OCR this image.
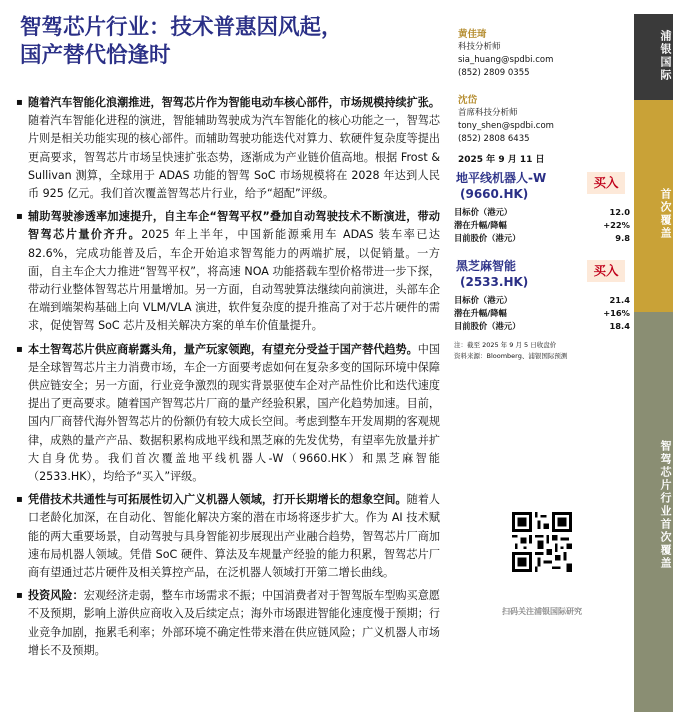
智驾芯片行业：技术普惠因风起，
国产替代恰逢时
▪ 随着汽车智能化浪潮推进，智驾芯片作为智能电动车核心部件，市场规模持续扩张。随着汽车智能化进程的演进，智能辅助驾驶成为汽车智能化的核心功能之一，智驾芯片则是相关功能实现的核心部件。而辅助驾驶功能迭代对算力、软硬件复杂度等提出更高要求，智驾芯片市场呈快速扩张态势，逐渐成为产业链价值高地。根据 Frost & Sullivan 测算，全球用于 ADAS 功能的智驾 SoC 市场规模将在 2028 年达到人民币 925 亿元。我们首次覆盖智驾芯片行业，给予“超配”评级。
▪ 辅助驾驶渗透率加速提升，自主车企“智驾平权”叠加自动驾驶技术不断演进，带动智驾芯片量价齐升。2025 年上半年，中国新能源乘用车 ADAS 装车率已达 82.6%，完成功能普及后，车企开始追求智驾能力的两端扩展，以促销量。一方面，自主车企大力推进“智驾平权”，将高速 NOA 功能搭载车型价格带进一步下探，带动行业整体智驾芯片用量增加。另一方面，自动驾驶算法继续向前演进，头部车企在端到端架构基础上向 VLM/VLA 演进，软件复杂度的提升推高了对于芯片硬件的需求，促使智驾 SoC 芯片及相关解决方案的单车价值量提升。
▪ 本土智驾芯片供应商崭露头角，量产玩家领跑，有望充分受益于国产替代趋势。中国是全球智驾芯片主力消费市场，车企一方面要考虑如何在复杂多变的国际环境中保障供应链安全；另一方面，行业竞争激烈的现实背景驱使车企对产品性价比和迭代速度提出了更高要求。随着国产智驾芯片厂商的量产经验积累，国产化趋势加速。目前，国内厂商替代海外智驾芯片的份额仍有较大成长空间。考虑到整车开发周期的客观规律，成熟的量产产品、数据积累构成地平线和黑芝麻的先发优势，有望率先放量并扩大自身优势。我们首次覆盖地平线机器人-W（9660.HK）和黑芝麻智能（2533.HK），均给予“买入”评级。
▪ 凭借技术共通性与可拓展性切入广义机器人领域，打开长期增长的想象空间。随着人口老龄化加深，在自动化、智能化解决方案的潜在市场将逐步扩大。作为 AI 技术赋能的两大重要场景，自动驾驶与具身智能初步展现出产业融合趋势，智驾芯片厂商加速布局机器人领域。凭借 SoC 硬件、算法及车规量产经验的能力积累，智驾芯片厂商有望通过芯片硬件及相关算控产品，在泛机器人领域打开第二增长曲线。
▪ 投资风险：宏观经济走弱，整车市场需求不振；中国消费者对于智驾版车型购买意愿不及预期，影响上游供应商收入及后续定点；海外市场跟进智能化速度慢于预期；行业竞争加剧，拖累毛利率；外部环境不确定性带来潜在供应链风险；广义机器人市场增长不及预期。
黄佳琦
科技分析师
sia_huang@spdbi.com
(852) 2809 0355
沈岱
首席科技分析师
tony_shen@spdbi.com
(852) 2808 6435
2025 年 9 月 11 日
地平线机器人-W
(9660.HK)
买入
目标价（港元）	12.0
潜在升幅/降幅	+22%
目前股价（港元）	9.8
黑芝麻智能
(2533.HK)
买入
目标价（港元）	21.4
潜在升幅/降幅	+16%
目前股价（港元）	18.4
注：截至 2025 年 9 月 5 日收盘价
资料来源：Bloomberg、浦银国际预测
扫码关注浦银国际研究
浦银国际
首次覆盖
智驾芯片行业首次覆盖
